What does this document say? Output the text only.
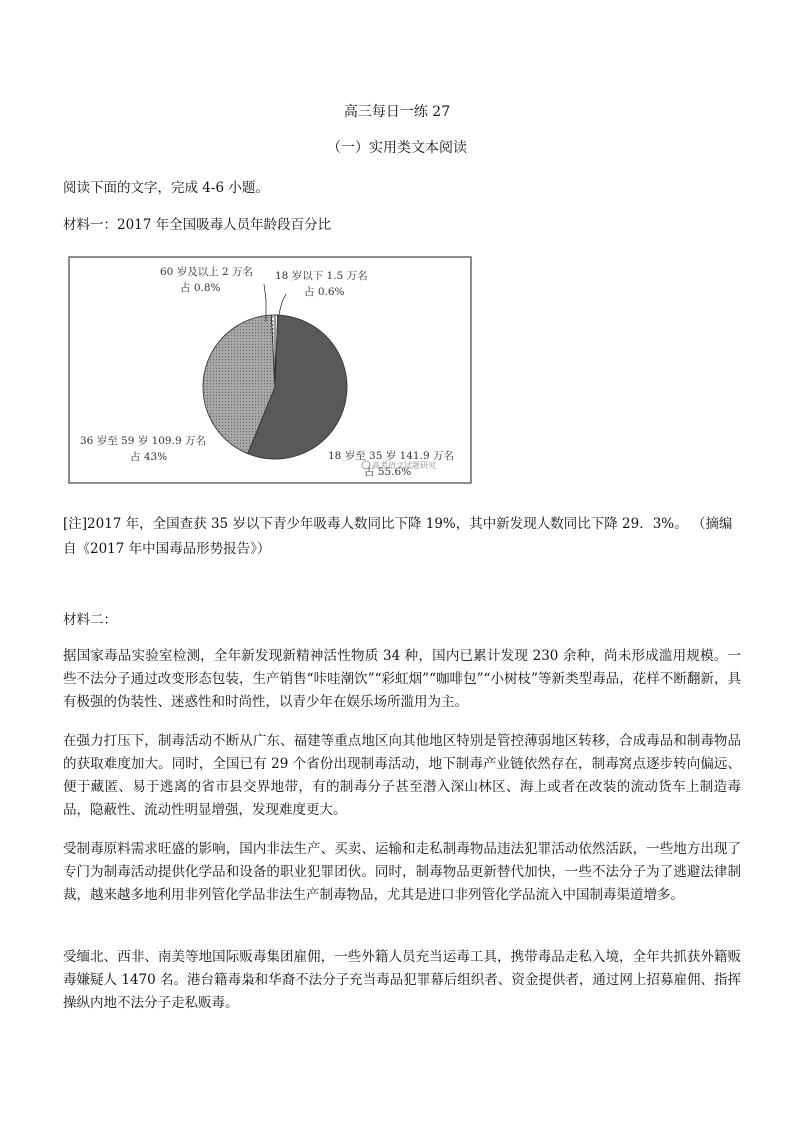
高三每日一练 27
（一）实用类文本阅读
阅读下面的文字，完成 4-6 小题。
材料一：2017 年全国吸毒人员年龄段百分比
60 岁及以上 2 万名
占 0.8%
18 岁以下 1.5 万名
占 0.6%
36 岁至 59 岁 109.9 万名
占 43%	18 岁至 35 岁 141.9 万名
占 55.6%
高考语文试题研究
[注]2017 年，全国查获 35 岁以下青少年吸毒人数同比下降 19%，其中新发现人数同比下降 29．3%。 （摘编
自《2017 年中国毒品形势报告》）
材料二：
据国家毒品实验室检测，全年新发现新精神活性物质 34 种，国内已累计发现 230 余种，尚未形成滥用规模。一些不法分子通过改变形态包装，生产销售“咔哇潮饮”“彩虹烟”“咖啡包”“小树枝”等新类型毒品，花样不断翻新，具有极强的伪装性、迷惑性和时尚性，以青少年在娱乐场所滥用为主。
在强力打压下，制毒活动不断从广东、福建等重点地区向其他地区特别是管控薄弱地区转移，合成毒品和制毒物品的获取难度加大。同时，全国已有 29 个省份出现制毒活动，地下制毒产业链依然存在，制毒窝点逐步转向偏远、便于藏匿、易于逃离的省市县交界地带，有的制毒分子甚至潜入深山林区、海上或者在改装的流动货车上制造毒品，隐蔽性、流动性明显增强，发现难度更大。
受制毒原料需求旺盛的影响，国内非法生产、买卖、运输和走私制毒物品违法犯罪活动依然活跃，一些地方出现了专门为制毒活动提供化学品和设备的职业犯罪团伙。同时，制毒物品更新替代加快，一些不法分子为了逃避法律制裁，越来越多地利用非列管化学品非法生产制毒物品，尤其是进口非列管化学品流入中国制毒渠道增多。
受缅北、西非、南美等地国际贩毒集团雇佣，一些外籍人员充当运毒工具，携带毒品走私入境，全年共抓获外籍贩毒嫌疑人 1470 名。港台籍毒枭和华裔不法分子充当毒品犯罪幕后组织者、资金提供者，通过网上招募雇佣、指挥操纵内地不法分子走私贩毒。
